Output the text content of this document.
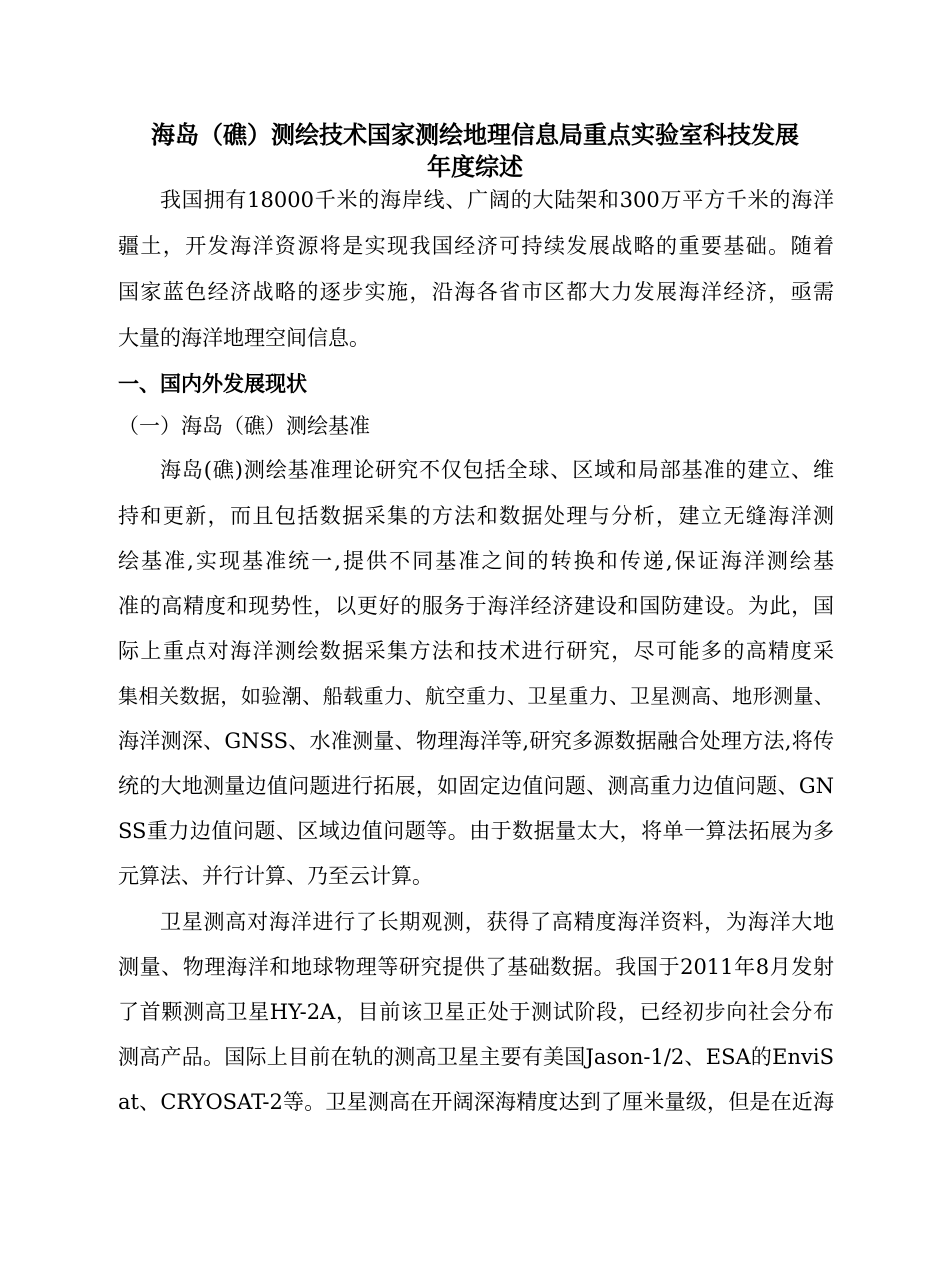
海岛（礁）测绘技术国家测绘地理信息局重点实验室科技发展
年度综述

我国拥有18000千米的海岸线、广阔的大陆架和300万平方千米的海洋

疆土，开发海洋资源将是实现我国经济可持续发展战略的重要基础。随着

国家蓝色经济战略的逐步实施，沿海各省市区都大力发展海洋经济，亟需

大量的海洋地理空间信息。

一、国内外发展现状

（一）海岛（礁）测绘基准

海岛(礁)测绘基准理论研究不仅包括全球、区域和局部基准的建立、维

持和更新，而且包括数据采集的方法和数据处理与分析，建立无缝海洋测

绘基准,实现基准统一,提供不同基准之间的转换和传递,保证海洋测绘基

准的高精度和现势性，以更好的服务于海洋经济建设和国防建设。为此，国

际上重点对海洋测绘数据采集方法和技术进行研究，尽可能多的高精度采

集相关数据，如验潮、船载重力、航空重力、卫星重力、卫星测高、地形测量、

海洋测深、GNSS、水准测量、物理海洋等,研究多源数据融合处理方法,将传

统的大地测量边值问题进行拓展，如固定边值问题、测高重力边值问题、GN

SS重力边值问题、区域边值问题等。由于数据量太大，将单一算法拓展为多

元算法、并行计算、乃至云计算。

卫星测高对海洋进行了长期观测，获得了高精度海洋资料，为海洋大地

测量、物理海洋和地球物理等研究提供了基础数据。我国于2011年8月发射

了首颗测高卫星HY-2A，目前该卫星正处于测试阶段，已经初步向社会分布

测高产品。国际上目前在轨的测高卫星主要有美国Jason-1/2、ESA的EnviS

at、CRYOSAT-2等。卫星测高在开阔深海精度达到了厘米量级，但是在近海
